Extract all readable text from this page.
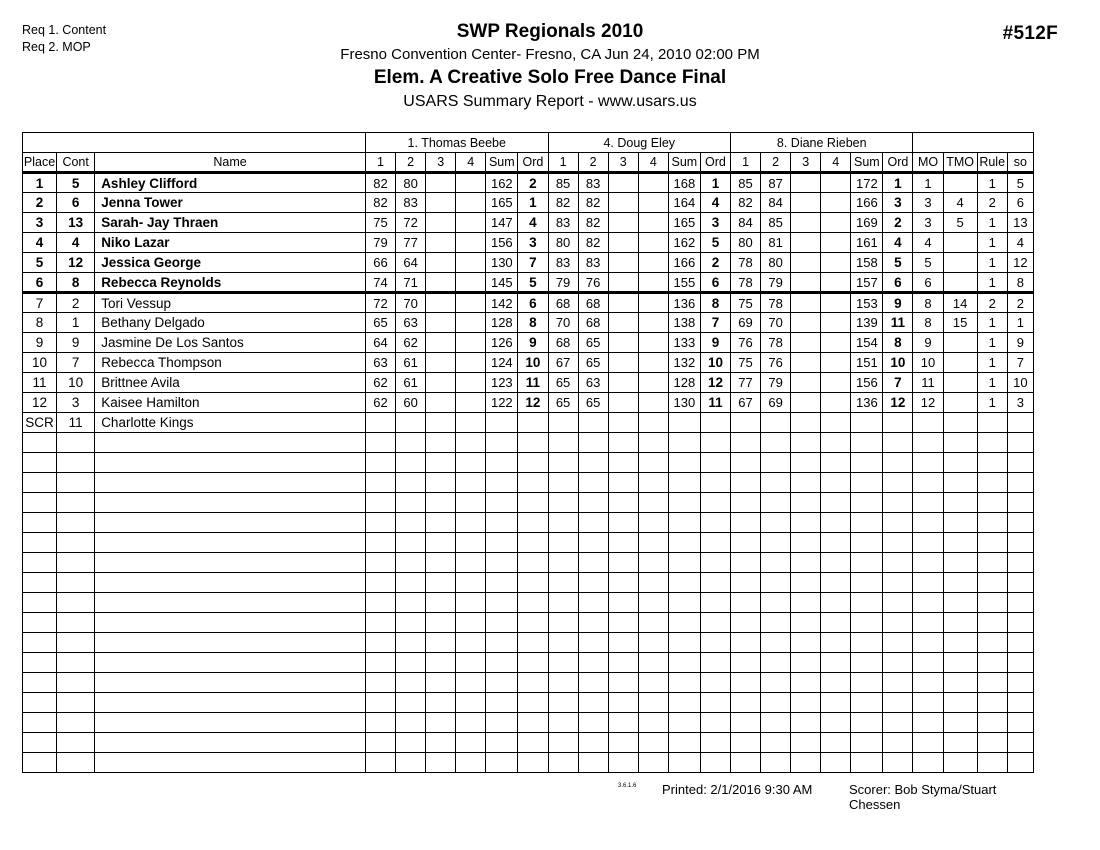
Req 1. Content
Req 2. MOP
#512F
SWP Regionals 2010
Fresno Convention Center- Fresno, CA Jun 24, 2010 02:00 PM
Elem. A Creative Solo Free Dance Final
USARS Summary Report - www.usars.us
			1. Thomas Beebe						4. Doug Eley						8. Diane Rieben									
Place	Cont	Name	1	2	3	4	Sum	Ord	1	2	3	4	Sum	Ord	1	2	3	4	Sum	Ord	MO	TMO	Rule	so
1	5	Ashley Clifford	82	80			162	2	85	83			168	1	85	87			172	1	1		1	5
2	6	Jenna Tower	82	83			165	1	82	82			164	4	82	84			166	3	3	4	2	6
3	13	Sarah- Jay Thraen	75	72			147	4	83	82			165	3	84	85			169	2	3	5	1	13
4	4	Niko Lazar	79	77			156	3	80	82			162	5	80	81			161	4	4		1	4
5	12	Jessica George	66	64			130	7	83	83			166	2	78	80			158	5	5		1	12
6	8	Rebecca Reynolds	74	71			145	5	79	76			155	6	78	79			157	6	6		1	8
7	2	Tori Vessup	72	70			142	6	68	68			136	8	75	78			153	9	8	14	2	2
8	1	Bethany Delgado	65	63			128	8	70	68			138	7	69	70			139	11	8	15	1	1
9	9	Jasmine De Los Santos	64	62			126	9	68	65			133	9	76	78			154	8	9		1	9
10	7	Rebecca Thompson	63	61			124	10	67	65			132	10	75	76			151	10	10		1	7
11	10	Brittnee Avila	62	61			123	11	65	63			128	12	77	79			156	7	11		1	10
12	3	Kaisee Hamilton	62	60			122	12	65	65			130	11	67	69			136	12	12		1	3
SCR	11	Charlotte Kings																						

3.6.1.6 Printed: 2/1/2016 9:30 AM	Scorer: Bob Styma/Stuart Chessen
